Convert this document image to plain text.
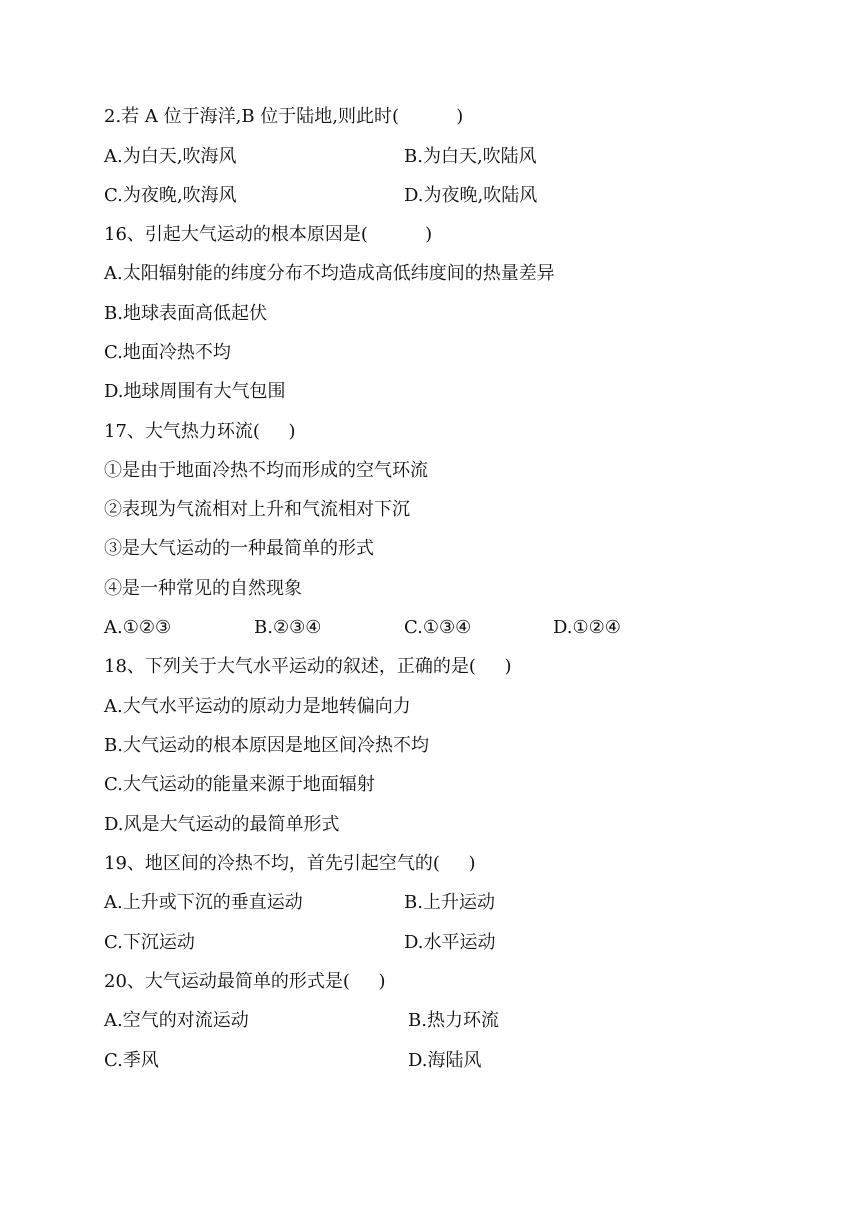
2.若 A 位于海洋,B 位于陆地,则此时(          )
A.为白天,吹海风	B.为白天,吹陆风
C.为夜晚,吹海风	D.为夜晚,吹陆风
16、引起大气运动的根本原因是(          )
A.太阳辐射能的纬度分布不均造成高低纬度间的热量差异
B.地球表面高低起伏
C.地面冷热不均
D.地球周围有大气包围
17、大气热力环流(     )
①是由于地面冷热不均而形成的空气环流
②表现为气流相对上升和气流相对下沉
③是大气运动的一种最简单的形式
④是一种常见的自然现象
A.①②③	B.②③④	C.①③④	D.①②④
18、下列关于大气水平运动的叙述，正确的是(     )
A.大气水平运动的原动力是地转偏向力
B.大气运动的根本原因是地区间冷热不均
C.大气运动的能量来源于地面辐射
D.风是大气运动的最简单形式
19、地区间的冷热不均，首先引起空气的(     )
A.上升或下沉的垂直运动	B.上升运动
C.下沉运动	D.水平运动
20、大气运动最简单的形式是(     )
A.空气的对流运动	B.热力环流
C.季风	D.海陆风
